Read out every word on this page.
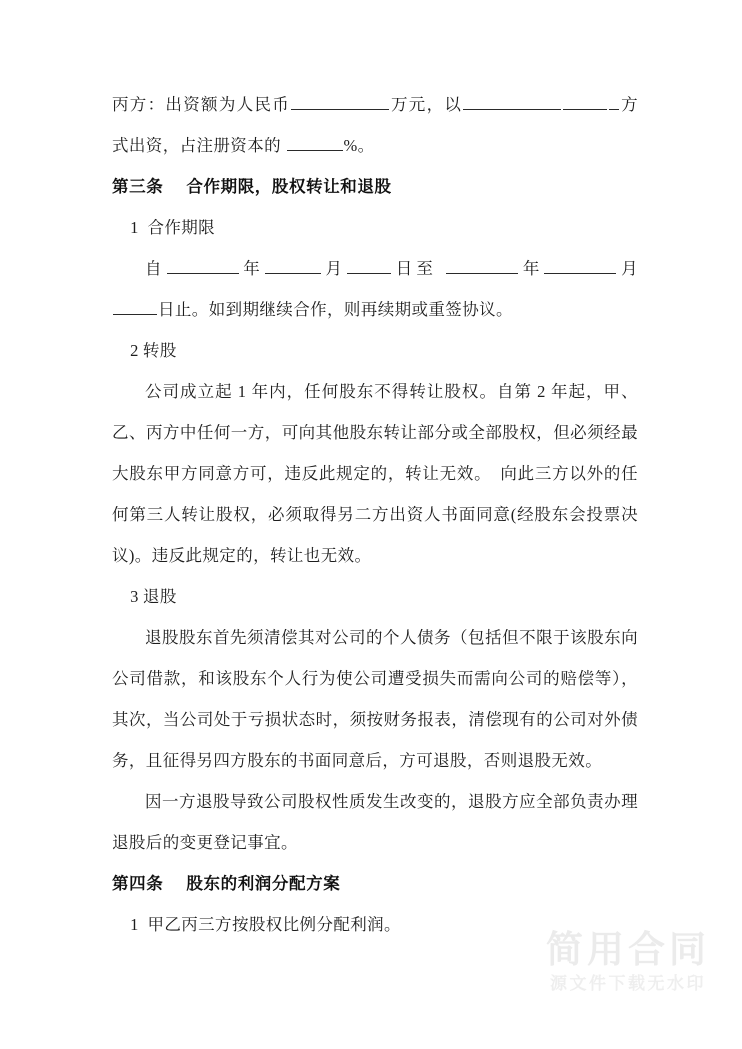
丙方：出资额为人民币	万元，以	方式出资，占注册资本的	%。

第三条 合作期限，股权转让和退股

1 合作期限

自	年	月	日至	年	月日止。如到期继续合作，则再续期或重签协议。

2 转股

公司成立起 1 年内，任何股东不得转让股权。自第 2 年起，甲、乙、丙方中任何一方，可向其他股东转让部分或全部股权，但必须经最大股东甲方同意方可，违反此规定的，转让无效。　向此三方以外的任何第三人转让股权，必须取得另二方出资人书面同意(经股东会投票决议)。违反此规定的，转让也无效。

3 退股

退股股东首先须清偿其对公司的个人债务（包括但不限于该股东向公司借款，和该股东个人行为使公司遭受损失而需向公司的赔偿等），其次，当公司处于亏损状态时，须按财务报表，清偿现有的公司对外债务，且征得另四方股东的书面同意后，方可退股，否则退股无效。

因一方退股导致公司股权性质发生改变的，退股方应全部负责办理退股后的变更登记事宜。

第四条 股东的利润分配方案

1 甲乙丙三方按股权比例分配利润。

简用合同
源文件下载无水印
